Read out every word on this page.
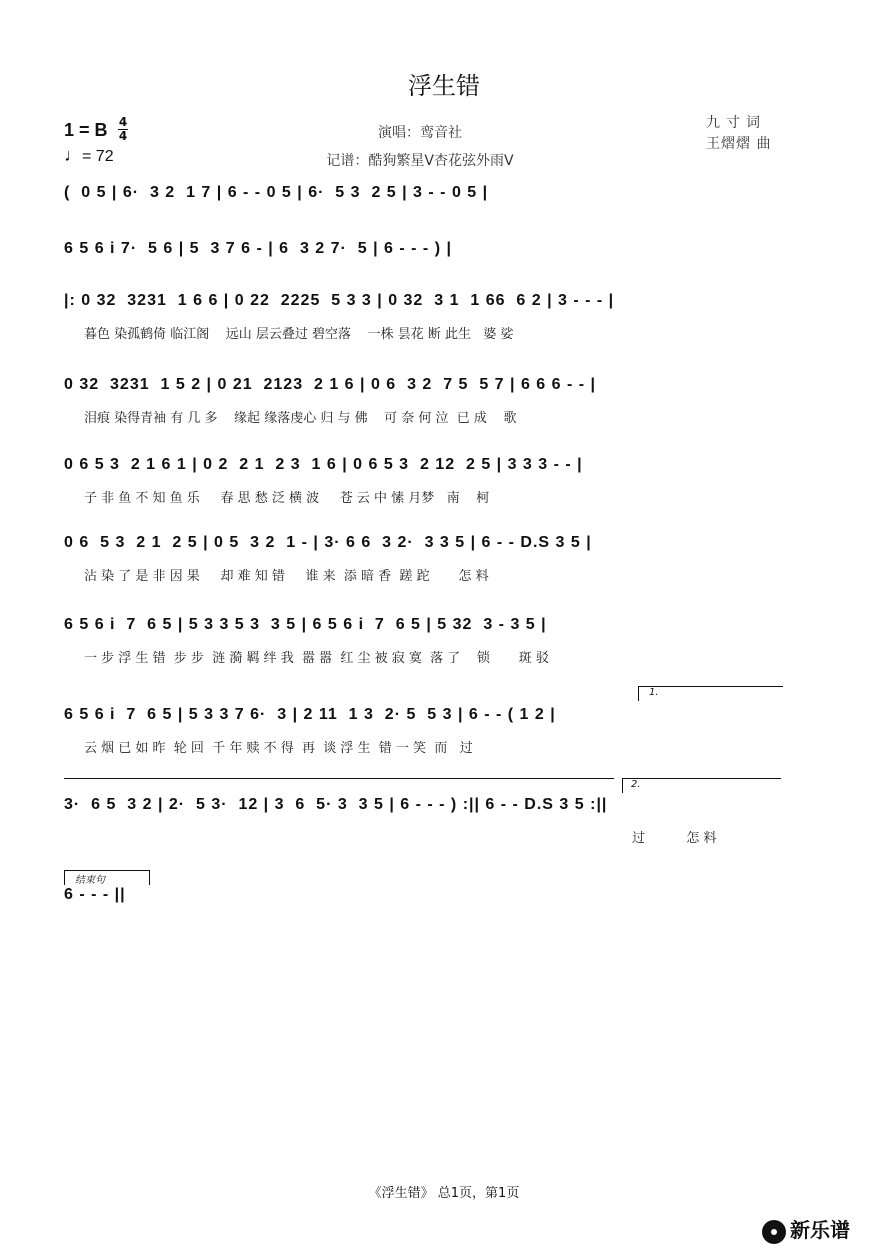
浮生错
1 = B 4
4
♩= 72
演唱：鸾音社
记谱：酷狗繁星V杏花弦外雨V
九寸词
王熠熠 曲
(  0 5 | 6·  3 2  1 7 | 6 - - 0 5 | 6·  5 3  2 5 | 3 - - 0 5 |
6 5 6 i 7·  5 6 | 5  3 7 6 - | 6  3 2 7·  5 | 6 - - - ) |
|: 0 32  3231  1 6 6 | 0 22  2225  5 3 3 | 0 32  3 1  1 66  6 2 | 3 - - - |
暮色 染孤鹤倚 临江阁    远山 层云叠过 碧空落    一株 昙花 断 此生   婆 娑
0 32  3231  1 5 2 | 0 21  2123  2 1 6 | 0 6  3 2  7 5  5 7 | 6 6 6 - - |
泪痕 染得青袖 有 几 多    缘起 缘落虔心 归 与 佛    可 奈 何 泣  已 成    歌
0 6 5 3  2 1 6 1 | 0 2  2 1  2 3  1 6 | 0 6 5 3  2 12  2 5 | 3 3 3 - - |
子 非 鱼 不 知 鱼 乐     春 思 愁 泛 横 波     苍 云 中 愫 月梦   南    柯
0 6  5 3  2 1  2 5 | 0 5  3 2  1 - | 3· 6 6  3 2·  3 3 5 | 6 - - D.S 3 5 |
沾 染 了 是 非 因 果     却 难 知 错     谁 来  添 暗 香  蹉 跎       怎 料
6 5 6 i  7  6 5 | 5 3 3 5 3  3 5 | 6 5 6 i  7  6 5 | 5 32  3 - 3 5 |
一 步 浮 生 错  步 步  涟 漪 羁 绊 我  嚣 嚣  红 尘 被 寂 寞  落 了    锁       斑 驳
6 5 6 i  7  6 5 | 5 3 3 7 6·  3 | 2 11  1 3  2· 5  5 3 | 6 - - ( 1 2 |
云 烟 已 如 昨  轮 回  千 年 赎 不 得  再  谈 浮 生  错 一 笑  而   过
3·  6 5  3 2 | 2·  5 3·  12 | 3  6  5· 3  3 5 | 6 - - - ) :|| 6 - - D.S 3 5 :||
过          怎 料
6 - - - ||
1.
2.
结束句
《浮生错》 总1页，第1页
新乐谱
